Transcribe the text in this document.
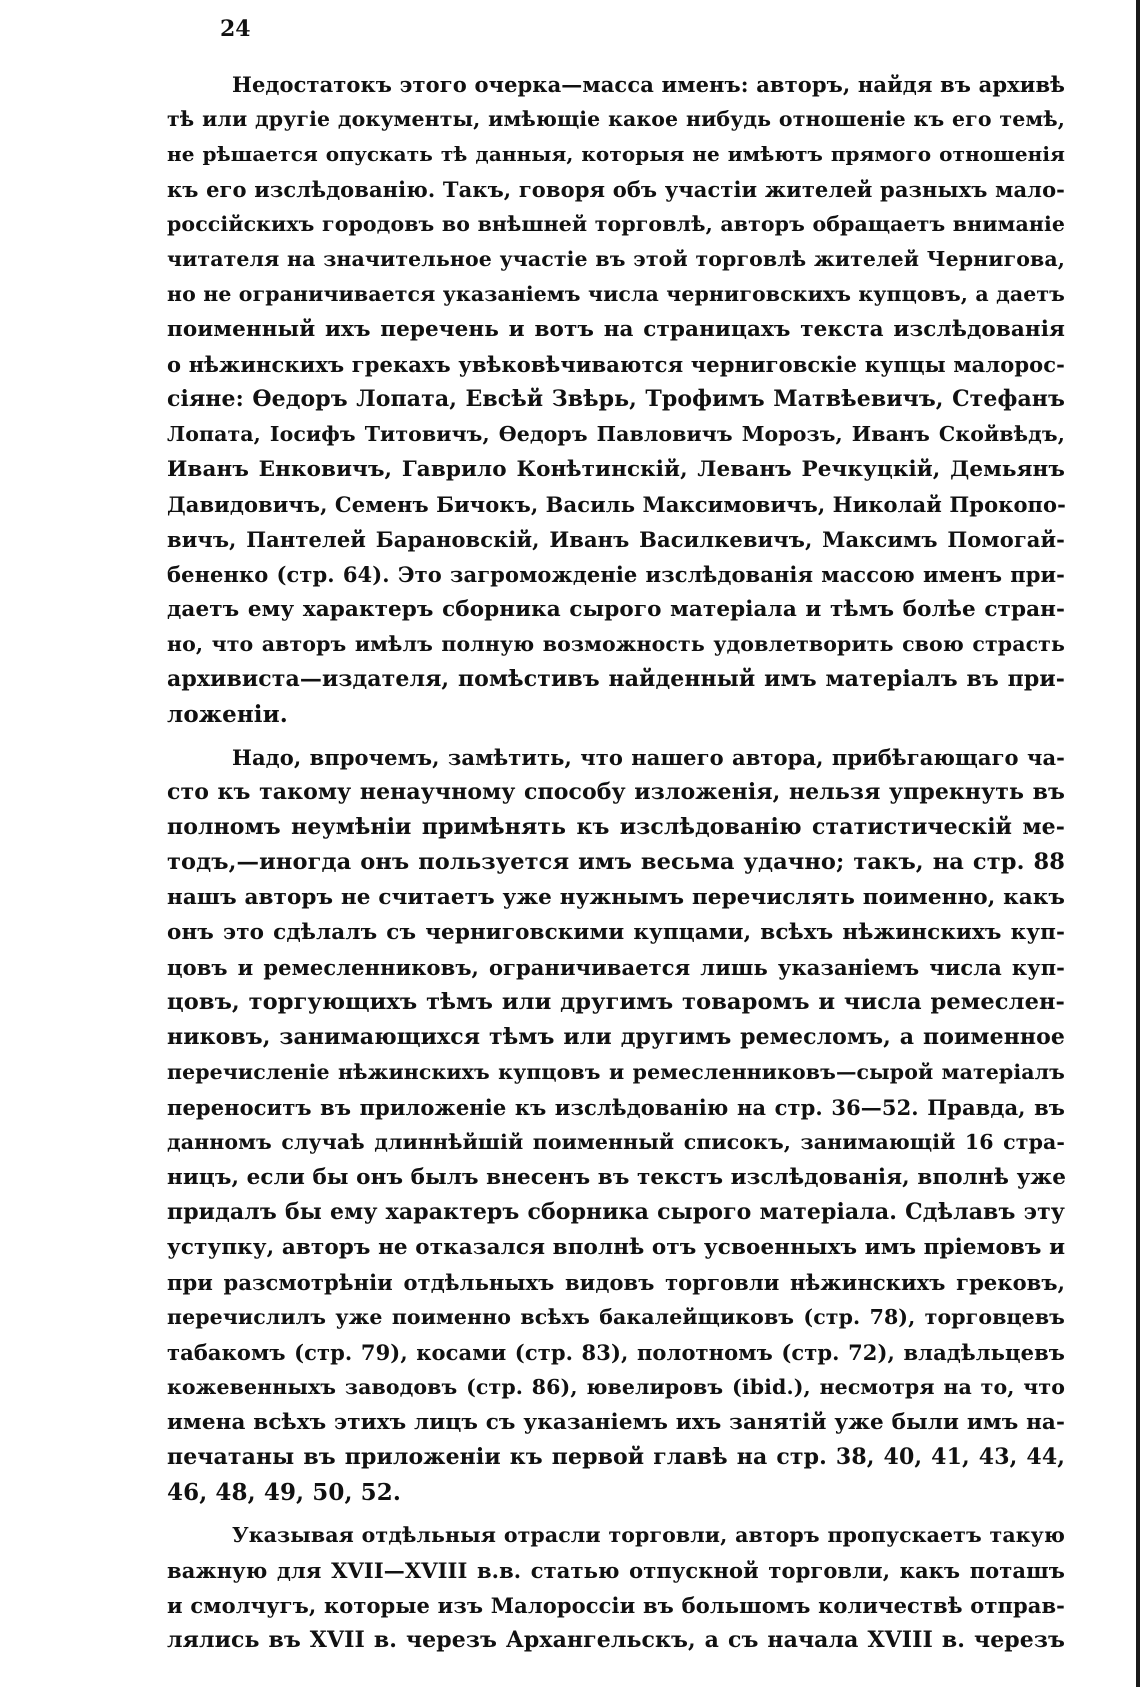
24
Недостатокъ этого очерка—масса именъ: авторъ, найдя въ архивѣ
тѣ или другіе документы, имѣющіе какое нибудь отношеніе къ его темѣ,
не рѣшается опускать тѣ данныя, которыя не имѣютъ прямого отношенія
къ его изслѣдованію. Такъ, говоря объ участіи жителей разныхъ мало-
россійскихъ городовъ во внѣшней торговлѣ, авторъ обращаетъ вниманіе
читателя на значительное участіе въ этой торговлѣ жителей Чернигова,
но не ограничивается указаніемъ числа черниговскихъ купцовъ, а даетъ
поименный ихъ перечень и вотъ на страницахъ текста изслѣдованія
о нѣжинскихъ грекахъ увѣковѣчиваются черниговскіе купцы малорос-
сіяне: Ѳедоръ Лопата, Евсѣй Звѣрь, Трофимъ Матвѣевичъ, Стефанъ
Лопата, Іосифъ Титовичъ, Ѳедоръ Павловичъ Морозъ, Иванъ Скойвѣдъ,
Иванъ Енковичъ, Гаврило Конѣтинскій, Леванъ Речкуцкій, Демьянъ
Давидовичъ, Семенъ Бичокъ, Василь Максимовичъ, Николай Прокопо-
вичъ, Пантелей Барановскій, Иванъ Василкевичъ, Максимъ Помогай-
бененко (стр. 64). Это загроможденіе изслѣдованія массою именъ при-
даетъ ему характеръ сборника сырого матеріала и тѣмъ болѣе стран-
но, что авторъ имѣлъ полную возможность удовлетворить свою страсть
архивиста—издателя, помѣстивъ найденный имъ матеріалъ въ при-
ложеніи.
Надо, впрочемъ, замѣтить, что нашего автора, прибѣгающаго ча-
сто къ такому ненаучному способу изложенія, нельзя упрекнуть въ
полномъ неумѣніи примѣнять къ изслѣдованію статистическій ме-
тодъ,—иногда онъ пользуется имъ весьма удачно; такъ, на стр. 88
нашъ авторъ не считаетъ уже нужнымъ перечислять поименно, какъ
онъ это сдѣлалъ съ черниговскими купцами, всѣхъ нѣжинскихъ куп-
цовъ и ремесленниковъ, ограничивается лишь указаніемъ числа куп-
цовъ, торгующихъ тѣмъ или другимъ товаромъ и числа ремеслен-
никовъ, занимающихся тѣмъ или другимъ ремесломъ, а поименное
перечисленіе нѣжинскихъ купцовъ и ремесленниковъ—сырой матеріалъ
переноситъ въ приложеніе къ изслѣдованію на стр. 36—52. Правда, въ
данномъ случаѣ длиннѣйшій поименный списокъ, занимающій 16 стра-
ницъ, если бы онъ былъ внесенъ въ текстъ изслѣдованія, вполнѣ уже
придалъ бы ему характеръ сборника сырого матеріала. Сдѣлавъ эту
уступку, авторъ не отказался вполнѣ отъ усвоенныхъ имъ пріемовъ и
при разсмотрѣніи отдѣльныхъ видовъ торговли нѣжинскихъ грековъ,
перечислилъ уже поименно всѣхъ бакалейщиковъ (стр. 78), торговцевъ
табакомъ (стр. 79), косами (стр. 83), полотномъ (стр. 72), владѣльцевъ
кожевенныхъ заводовъ (стр. 86), ювелировъ (ibid.), несмотря на то, что
имена всѣхъ этихъ лицъ съ указаніемъ ихъ занятій уже были имъ на-
печатаны въ приложеніи къ первой главѣ на стр. 38, 40, 41, 43, 44,
46, 48, 49, 50, 52.
Указывая отдѣльныя отрасли торговли, авторъ пропускаетъ такую
важную для XVII—XVIII в.в. статью отпускной торговли, какъ поташъ
и смолчугъ, которые изъ Малороссіи въ большомъ количествѣ отправ-
лялись въ XVII в. черезъ Архангельскъ, а съ начала XVIII в. черезъ
